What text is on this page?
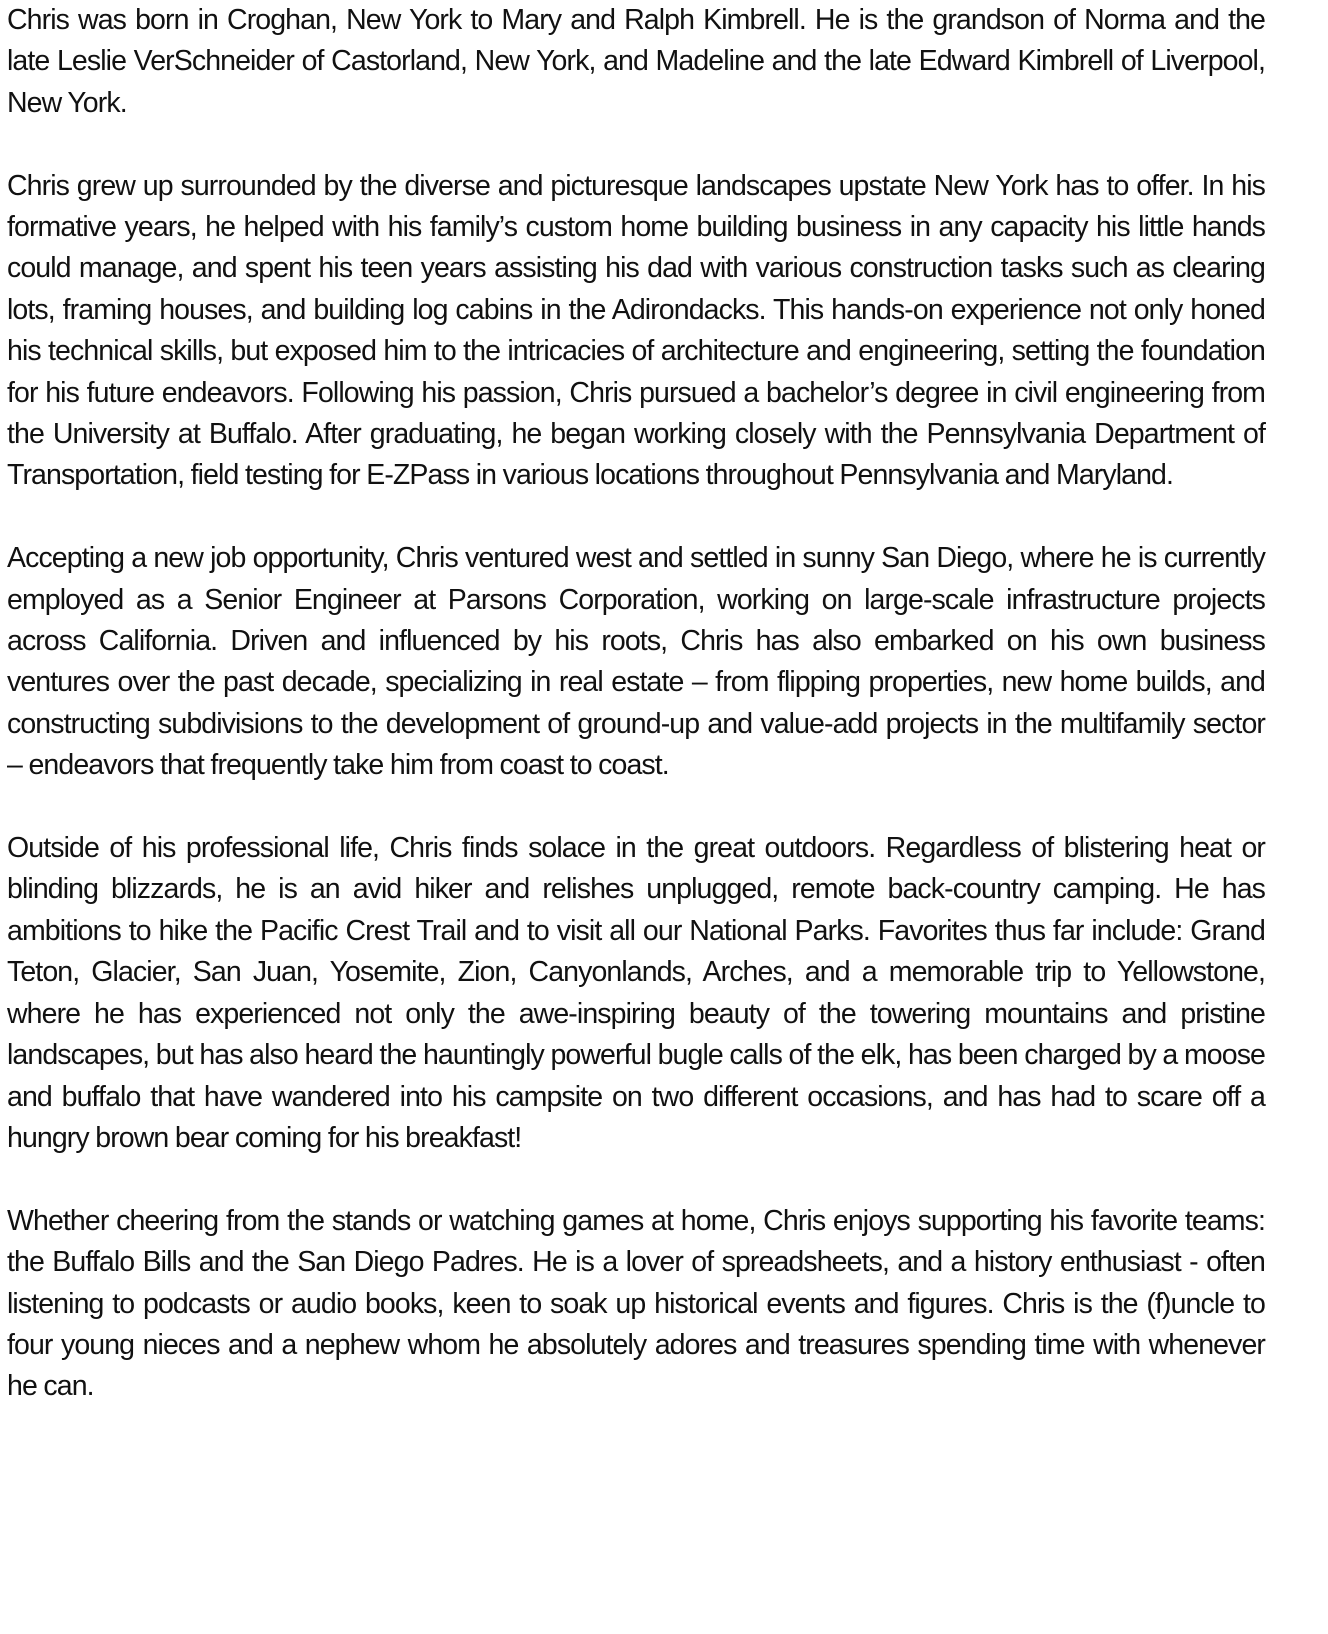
Chris was born in Croghan, New York to Mary and Ralph Kimbrell. He is the grandson of Norma and the late Leslie VerSchneider of Castorland, New York, and Madeline and the late Edward Kimbrell of Liverpool, New York.

Chris grew up surrounded by the diverse and picturesque landscapes upstate New York has to offer. In his formative years, he helped with his family’s custom home building business in any capacity his little hands could manage, and spent his teen years assisting his dad with various construction tasks such as clearing lots, framing houses, and building log cabins in the Adirondacks. This hands-on experience not only honed his technical skills, but exposed him to the intricacies of architecture and engineering, setting the foundation for his future endeavors. Following his passion, Chris pursued a bachelor’s degree in civil engineering from the University at Buffalo. After graduating, he began working closely with the Pennsylvania Department of Transportation, field testing for E-ZPass in various locations throughout Pennsylvania and Maryland.

Accepting a new job opportunity, Chris ventured west and settled in sunny San Diego, where he is currently employed as a Senior Engineer at Parsons Corporation, working on large-scale infrastructure projects across California. Driven and influenced by his roots, Chris has also embarked on his own business ventures over the past decade, specializing in real estate – from flipping properties, new home builds, and constructing subdivisions to the development of ground-up and value-add projects in the multifamily sector – endeavors that frequently take him from coast to coast.

Outside of his professional life, Chris finds solace in the great outdoors. Regardless of blistering heat or blinding blizzards, he is an avid hiker and relishes unplugged, remote back-country camping. He has ambitions to hike the Pacific Crest Trail and to visit all our National Parks. Favorites thus far include: Grand Teton, Glacier, San Juan, Yosemite, Zion, Canyonlands, Arches, and a memorable trip to Yellowstone, where he has experienced not only the awe-inspiring beauty of the towering mountains and pristine landscapes, but has also heard the hauntingly powerful bugle calls of the elk, has been charged by a moose and buffalo that have wandered into his campsite on two different occasions, and has had to scare off a hungry brown bear coming for his breakfast!

Whether cheering from the stands or watching games at home, Chris enjoys supporting his favorite teams: the Buffalo Bills and the San Diego Padres. He is a lover of spreadsheets, and a history enthusiast - often listening to podcasts or audio books, keen to soak up historical events and figures. Chris is the (f)uncle to four young nieces and a nephew whom he absolutely adores and treasures spending time with whenever he can.
